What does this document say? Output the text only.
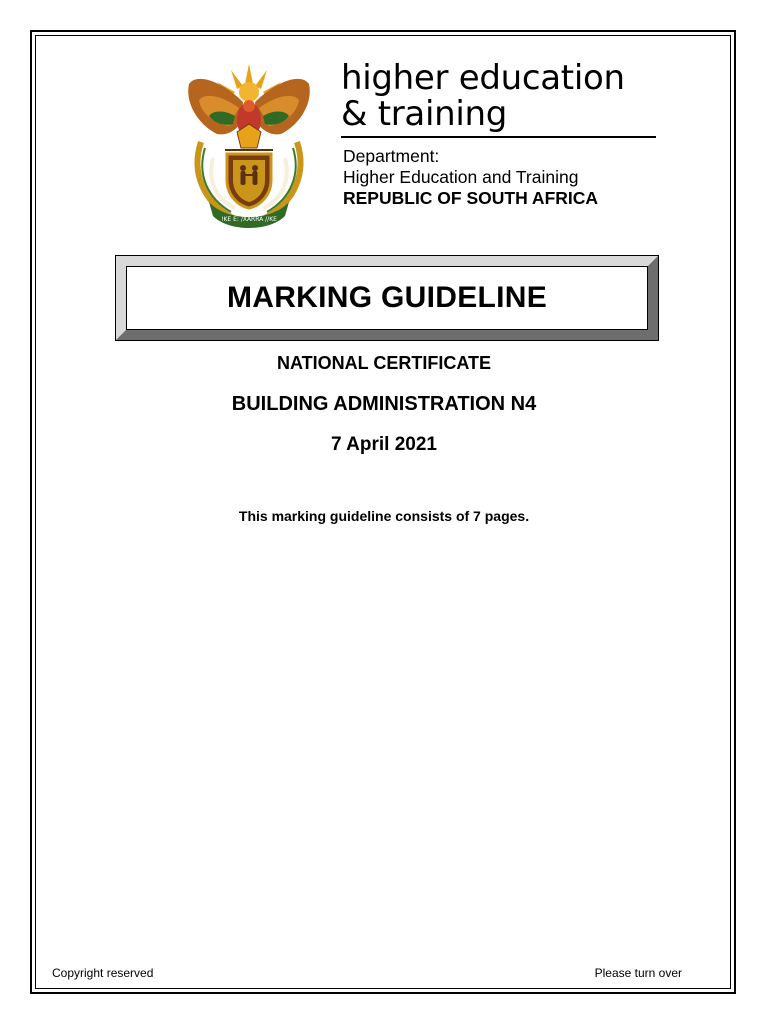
!KE E: /XARRA //KE
higher education
& training
Department:
Higher Education and Training
REPUBLIC OF SOUTH AFRICA
MARKING GUIDELINE
NATIONAL CERTIFICATE
BUILDING ADMINISTRATION N4
7 April 2021
This marking guideline consists of 7 pages.
Copyright reserved	Please turn over
